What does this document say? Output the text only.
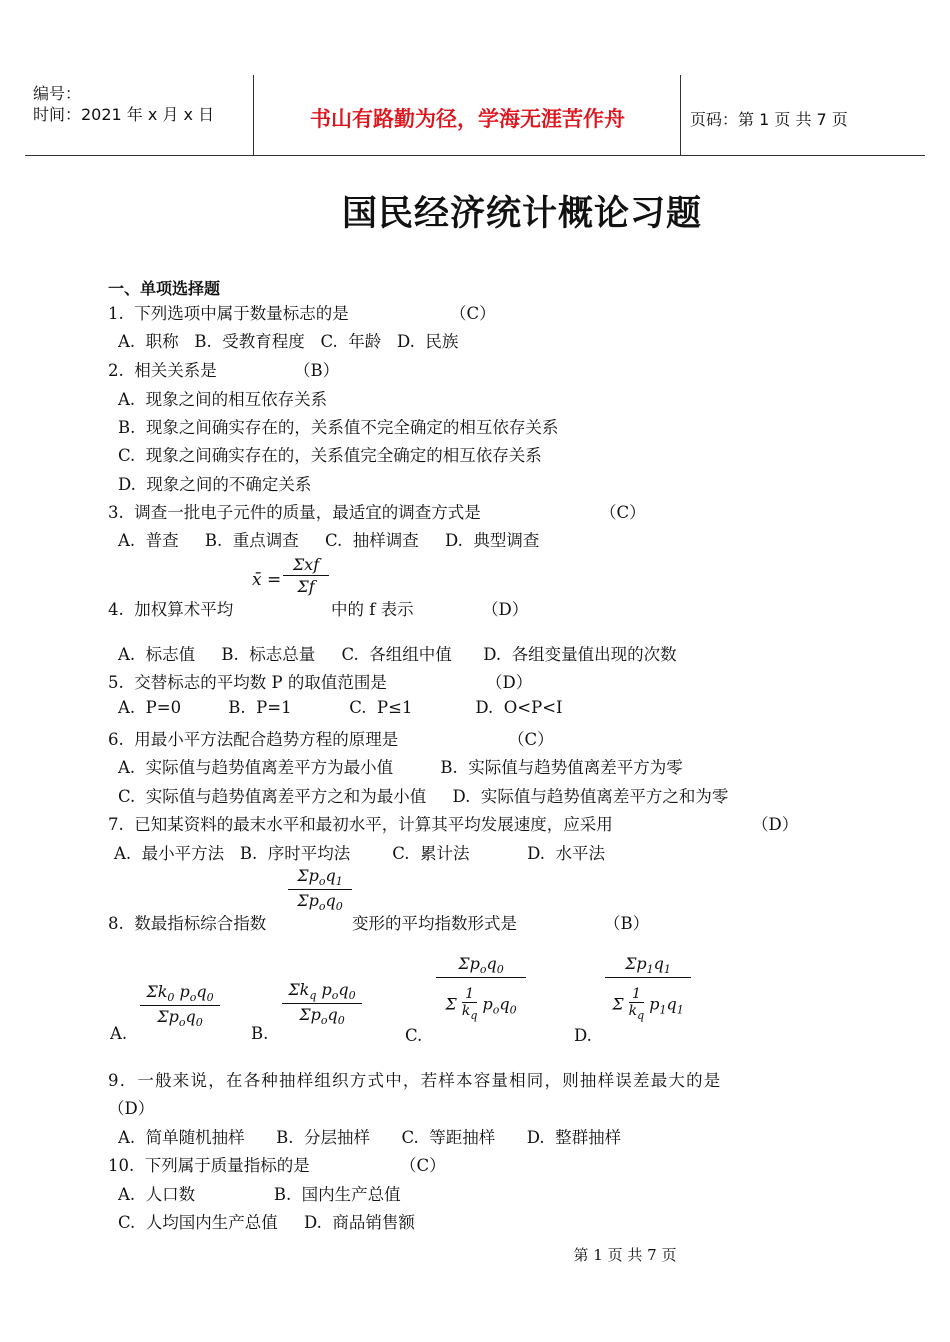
编号：
时间：2021 年 x 月 x 日	书山有路勤为径，学海无涯苦作舟	页码：第 1 页 共 7 页
国民经济统计概论习题
一、单项选择题
1.  下列选项中属于数量标志的是	（C）
A.  职称   B.  受教育程度   C.  年龄   D.  民族
2.  相关关系是	（B）
A.  现象之间的相互依存关系
B.  现象之间确实存在的，关系值不完全确定的相互依存关系
C.  现象之间确实存在的，关系值完全确定的相互依存关系
D.  现象之间的不确定关系
3.  调查一批电子元件的质量，最适宜的调查方式是	（C）
A.  普查     B.  重点调查     C.  抽样调查     D.  典型调查
x̄ =
Σxf
Σf
4.  加权算术平均	中的 f 表示	（D）
A.  标志值     B.  标志总量     C.  各组组中值      D.  各组变量值出现的次数
5.  交替标志的平均数 P 的取值范围是	（D）
A.  P=0         B.  P=1           C.  P≤1            D.  O<P<I
6.  用最小平方法配合趋势方程的原理是	（C）
A.  实际值与趋势值离差平方为最小值         B.  实际值与趋势值离差平方为零
C.  实际值与趋势值离差平方之和为最小值     D.  实际值与趋势值离差平方之和为零
7.  已知某资料的最末水平和最初水平，计算其平均发展速度，应采用	（D）
A.  最小平方法   B.  序时平均法        C.  累计法           D.  水平法
$\Sigma p_oq_1$
$\Sigma p_oq_0$
8.  数最指标综合指数	变形的平均指数形式是	（B）
$\Sigma k_0$ $p_oq_0$
$\Sigma p_oq_0$
A.
$\Sigma k_q$ $p_oq_0$
$\Sigma p_oq_0$
B.
$\Sigma p_oq_0$
Σ $\frac{1}{k_q} p_oq_0$
C.
$\frac{\Sigma p_1q_1}{\Sigma \frac{1}{k_q} p_1q_1}$
D.
9．一般来说，在各种抽样组织方式中，若样本容量相同，则抽样误差最大的是
（D）
A.  简单随机抽样      B.  分层抽样      C.  等距抽样      D.  整群抽样
10.  下列属于质量指标的是	（C）
A.  人口数               B.  国内生产总值
C.  人均国内生产总值     D.  商品销售额
第 1 页 共 7 页
